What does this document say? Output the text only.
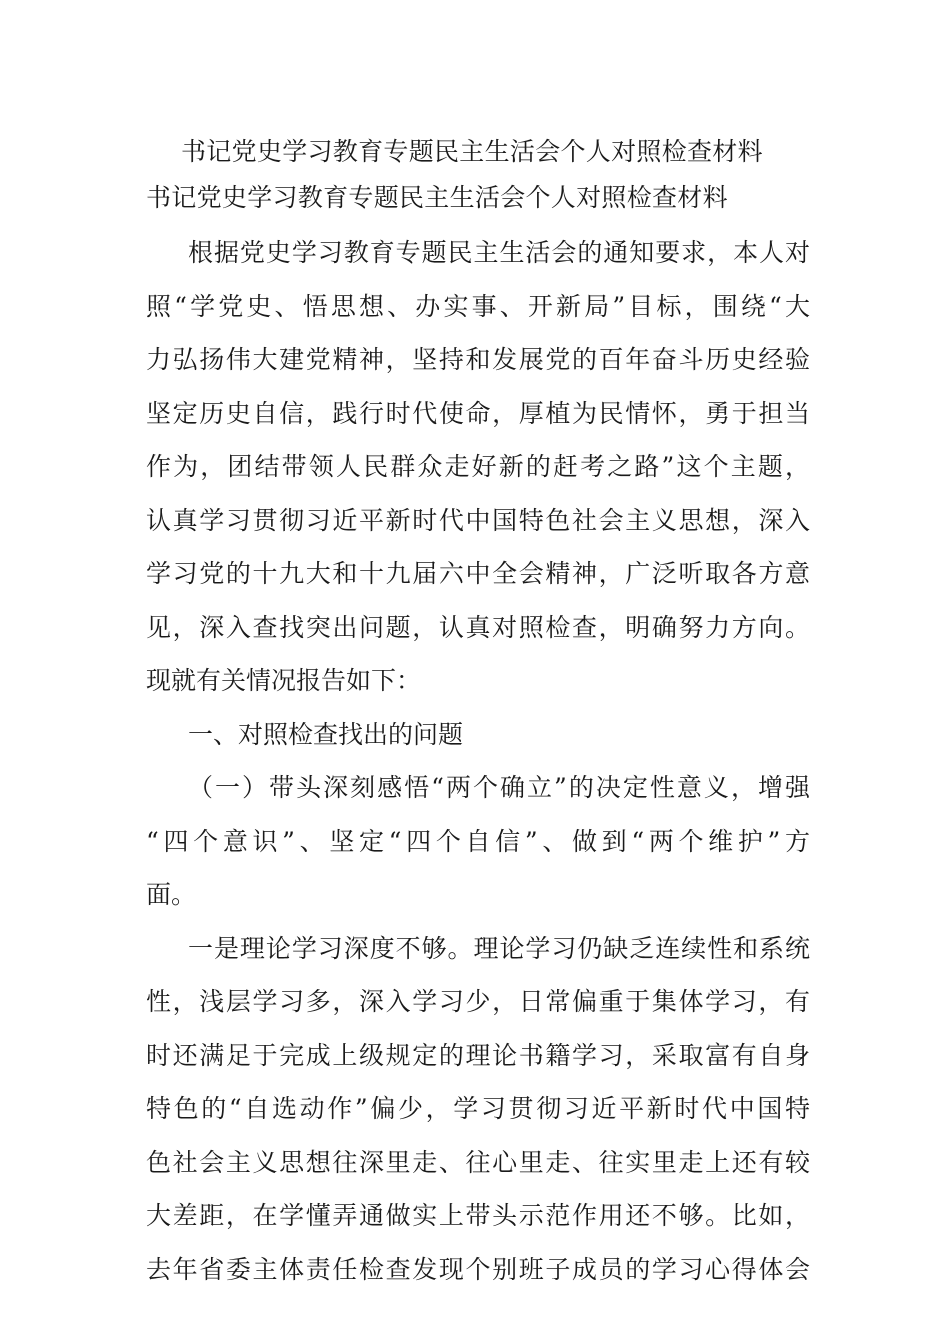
书记党史学习教育专题民主生活会个人对照检查材料
书记党史学习教育专题民主生活会个人对照检查材料
根据党史学习教育专题民主生活会的通知要求，本人对
照“学党史、悟思想、办实事、开新局”目标，围绕“大
力弘扬伟大建党精神，坚持和发展党的百年奋斗历史经验
坚定历史自信，践行时代使命，厚植为民情怀，勇于担当
作为，团结带领人民群众走好新的赶考之路”这个主题，
认真学习贯彻习近平新时代中国特色社会主义思想，深入
学习党的十九大和十九届六中全会精神，广泛听取各方意
见，深入查找突出问题，认真对照检查，明确努力方向。
现就有关情况报告如下：
一、对照检查找出的问题
（一）带头深刻感悟“两个确立”的决定性意义，增强
“四个意识”、坚定“四个自信”、做到“两个维护”方
面。
一是理论学习深度不够。理论学习仍缺乏连续性和系统
性，浅层学习多，深入学习少，日常偏重于集体学习，有
时还满足于完成上级规定的理论书籍学习，采取富有自身
特色的“自选动作”偏少，学习贯彻习近平新时代中国特
色社会主义思想往深里走、往心里走、往实里走上还有较
大差距，在学懂弄通做实上带头示范作用还不够。比如，
去年省委主体责任检查发现个别班子成员的学习心得体会
